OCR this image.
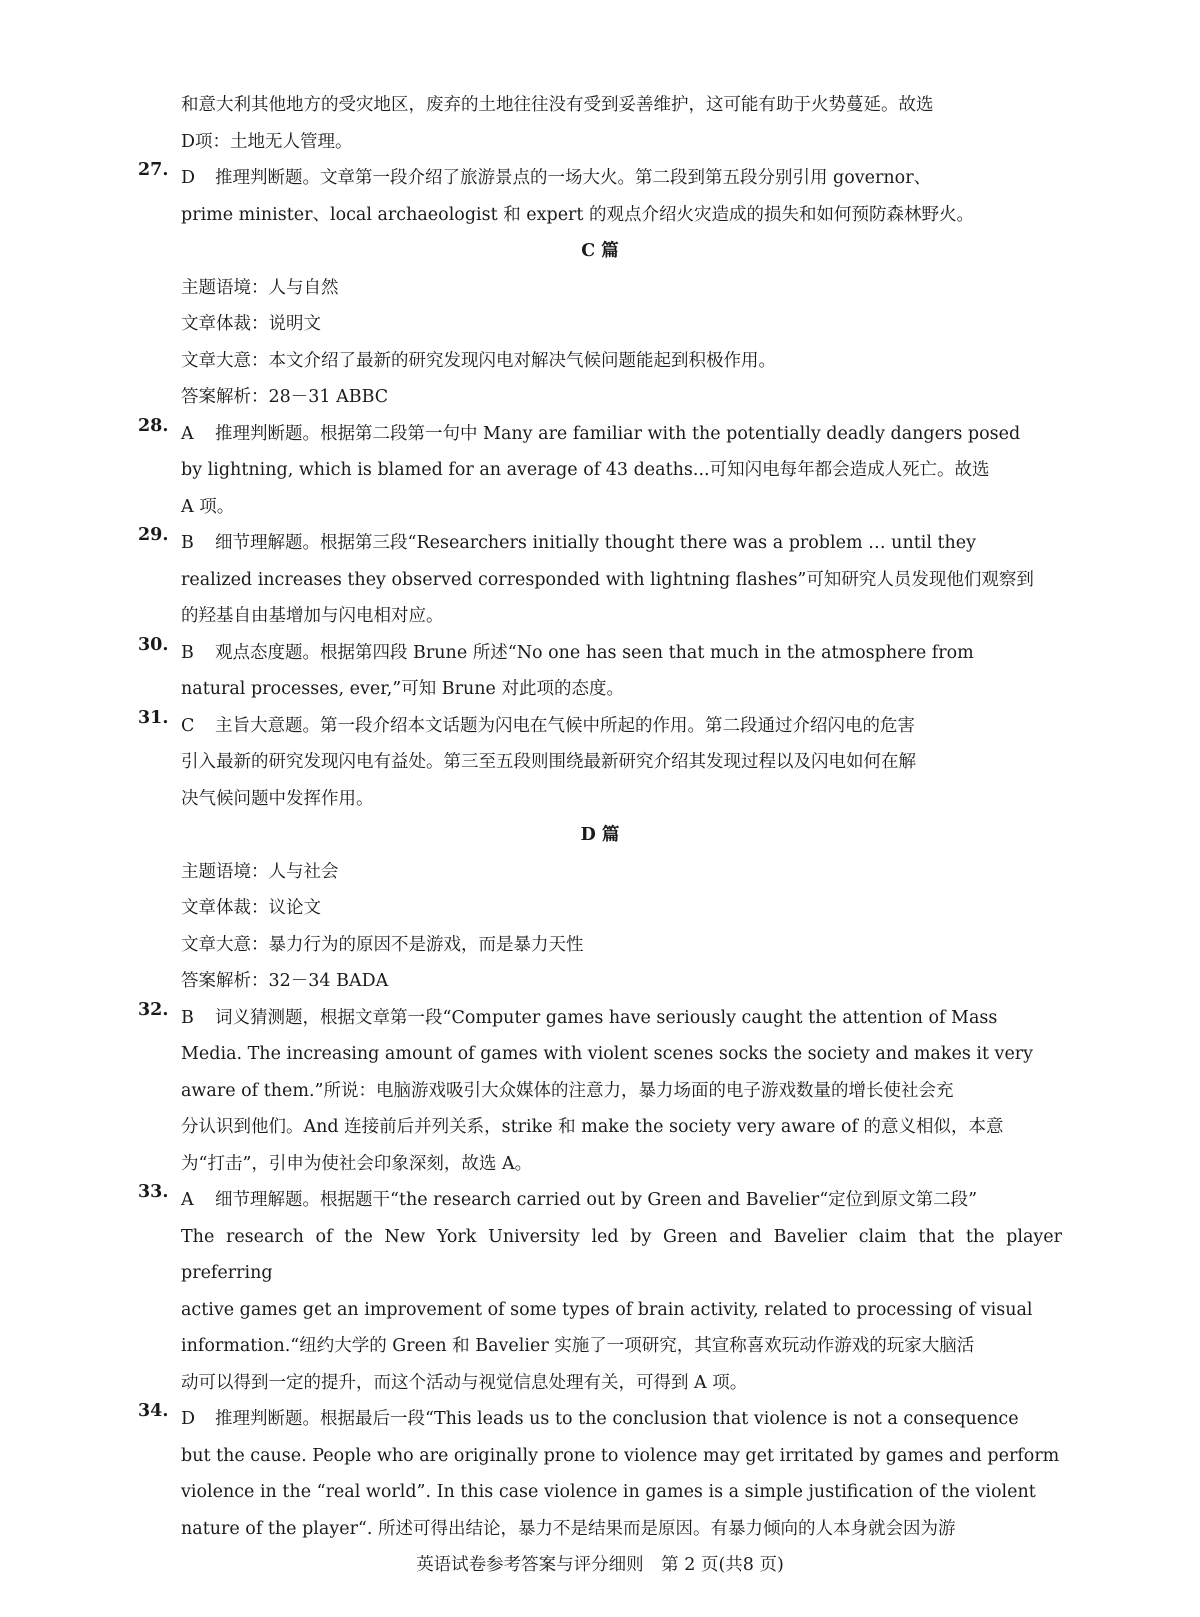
和意大利其他地方的受灾地区，废弃的土地往往没有受到妥善维护，这可能有助于火势蔓延。故选

D项：土地无人管理。

27. D 推理判断题。文章第一段介绍了旅游景点的一场大火。第二段到第五段分别引用 governor、

prime minister、local archaeologist 和 expert 的观点介绍火灾造成的损失和如何预防森林野火。

C 篇

主题语境：人与自然

文章体裁：说明文

文章大意：本文介绍了最新的研究发现闪电对解决气候问题能起到积极作用。

答案解析：28－31 ABBC

28. A 推理判断题。根据第二段第一句中 Many are familiar with the potentially deadly dangers posed

by lightning, which is blamed for an average of 43 deaths...可知闪电每年都会造成人死亡。故选

A 项。

29. B 细节理解题。根据第三段“Researchers initially thought there was a problem … until they

realized increases they observed corresponded with lightning flashes”可知研究人员发现他们观察到

的羟基自由基增加与闪电相对应。

30. B 观点态度题。根据第四段 Brune 所述“No one has seen that much in the atmosphere from

natural processes, ever,”可知 Brune 对此项的态度。

31. C 主旨大意题。第一段介绍本文话题为闪电在气候中所起的作用。第二段通过介绍闪电的危害

引入最新的研究发现闪电有益处。第三至五段则围绕最新研究介绍其发现过程以及闪电如何在解

决气候问题中发挥作用。

D 篇

主题语境：人与社会

文章体裁：议论文

文章大意：暴力行为的原因不是游戏，而是暴力天性

答案解析：32－34 BADA

32. B 词义猜测题，根据文章第一段“Computer games have seriously caught the attention of Mass

Media. The increasing amount of games with violent scenes socks the society and makes it very

aware of them.”所说：电脑游戏吸引大众媒体的注意力，暴力场面的电子游戏数量的增长使社会充

分认识到他们。And 连接前后并列关系，strike 和 make the society very aware of 的意义相似，本意

为“打击”，引申为使社会印象深刻，故选 A。

33. A 细节理解题。根据题干“the research carried out by Green and Bavelier“定位到原文第二段”

The research of the New York University led by Green and Bavelier claim that the player preferring

active games get an improvement of some types of brain activity, related to processing of visual

information.“纽约大学的 Green 和 Bavelier 实施了一项研究，其宣称喜欢玩动作游戏的玩家大脑活

动可以得到一定的提升，而这个活动与视觉信息处理有关，可得到 A 项。

34. D 推理判断题。根据最后一段“This leads us to the conclusion that violence is not a consequence

but the cause. People who are originally prone to violence may get irritated by games and perform

violence in the “real world”. In this case violence in games is a simple justification of the violent

nature of the player“. 所述可得出结论，暴力不是结果而是原因。有暴力倾向的人本身就会因为游

英语试卷参考答案与评分细则　第 2 页(共8 页)
